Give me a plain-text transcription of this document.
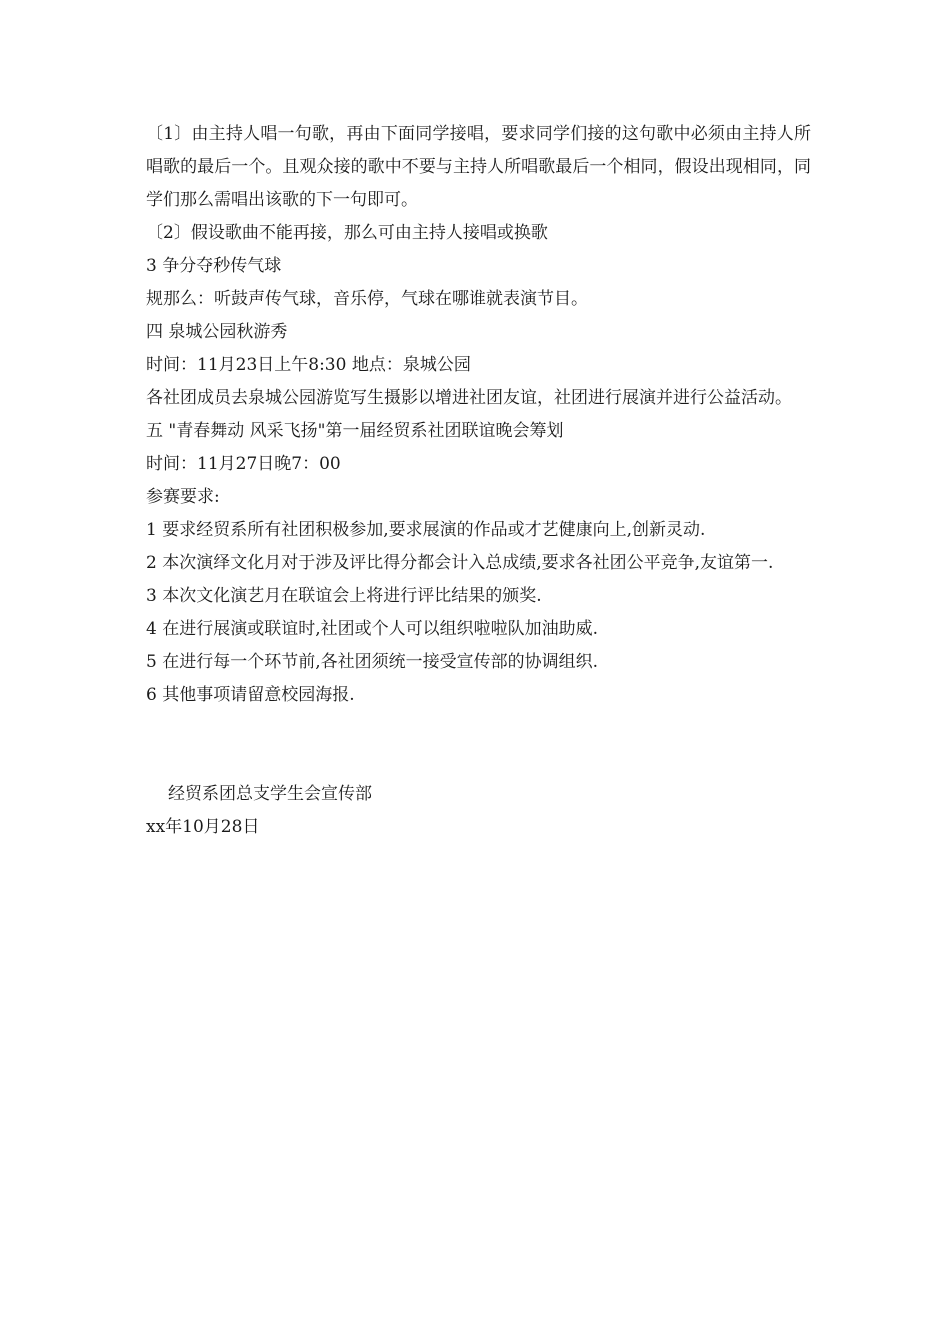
〔1〕由主持人唱一句歌，再由下面同学接唱，要求同学们接的这句歌中必须由主持人所唱歌的最后一个。且观众接的歌中不要与主持人所唱歌最后一个相同，假设出现相同，同学们那么需唱出该歌的下一句即可。

〔2〕假设歌曲不能再接，那么可由主持人接唱或换歌

3 争分夺秒传气球

规那么：听鼓声传气球，音乐停，气球在哪谁就表演节目。

四 泉城公园秋游秀

时间：11月23日上午8:30 地点：泉城公园

各社团成员去泉城公园游览写生摄影以增进社团友谊，社团进行展演并进行公益活动。

五 "青春舞动 风采飞扬"第一届经贸系社团联谊晚会筹划

时间：11月27日晚7：00

参赛要求:

1 要求经贸系所有社团积极参加,要求展演的作品或才艺健康向上,创新灵动.

2 本次演绎文化月对于涉及评比得分都会计入总成绩,要求各社团公平竞争,友谊第一.

3 本次文化演艺月在联谊会上将进行评比结果的颁奖.

4 在进行展演或联谊时,社团或个人可以组织啦啦队加油助威.

5 在进行每一个环节前,各社团须统一接受宣传部的协调组织.

6 其他事项请留意校园海报.

经贸系团总支学生会宣传部

xx年10月28日
